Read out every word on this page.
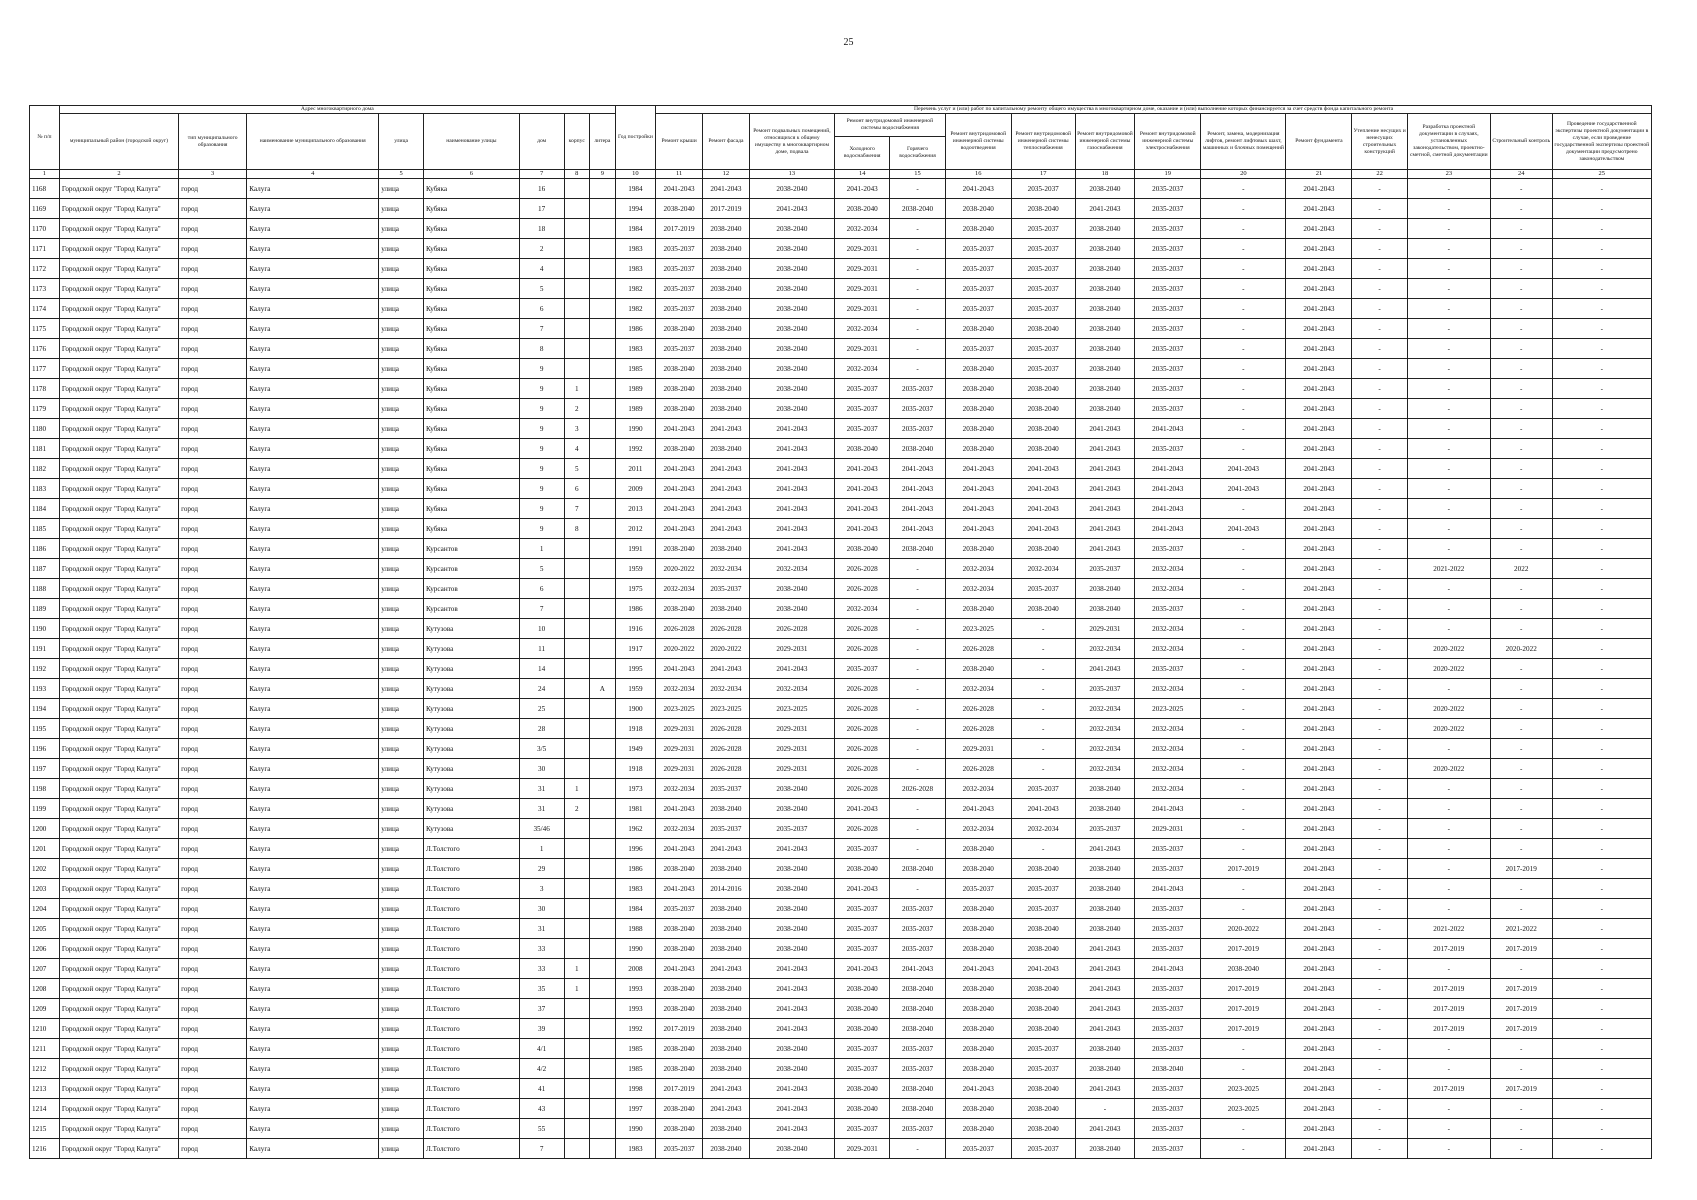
25
№ п/п	Адрес многоквартирного дома								Год постройки	Перечень услуг и (или) работ по капитальному ремонту общего имущества в многоквартирном доме, оказание и (или) выполнение которых финансируется за счет средств фонда капитального ремонта														
	муниципальный район (городской округ)	тип муниципального образования	наименование муниципального образования	улица	наименование улицы	дом	корпус	литера		Ремонт крыши	Ремонт фасада	Ремонт подвальных помещений, относящихся к общему имуществу в многоквартирном доме, подвала	Ремонт внутридомовой инженерной системы водоснабжения		Ремонт внутридомовой инженерной системы водоотведения	Ремонт внутридомовой инженерной системы теплоснабжения	Ремонт внутридомовой инженерной системы газоснабжения	Ремонт внутридомовой инженерной системы электроснабжения	Ремонт, замена, модернизация лифтов, ремонт лифтовых шахт, машинных и блочных помещений	Ремонт фундамента	Утепление несущих и ненесущих строительных конструкций	Разработка проектной документации в случаях, установленных законодательством, проектно-сметной, сметной документации	Строительный контроль	Проведение государственной экспертизы проектной документации в случае, если проведение государственной экспертизы проектной документации предусмотрено законодательством
													Холодного водоснабжения	Горячего водоснабжения										
1	2	3	4	5	6	7	8	9	10	11	12	13	14	15	16	17	18	19	20	21	22	23	24	25
1168	Городской округ "Город Калуга"	город	Калуга	улица	Кубяка	16			1984	2041-2043	2041-2043	2038-2040	2041-2043	-	2041-2043	2035-2037	2038-2040	2035-2037	-	2041-2043	-	-	-	-
1169	Городской округ "Город Калуга"	город	Калуга	улица	Кубяка	17			1994	2038-2040	2017-2019	2041-2043	2038-2040	2038-2040	2038-2040	2038-2040	2041-2043	2035-2037	-	2041-2043	-	-	-	-
1170	Городской округ "Город Калуга"	город	Калуга	улица	Кубяка	18			1984	2017-2019	2038-2040	2038-2040	2032-2034	-	2038-2040	2035-2037	2038-2040	2035-2037	-	2041-2043	-	-	-	-
1171	Городской округ "Город Калуга"	город	Калуга	улица	Кубяка	2			1983	2035-2037	2038-2040	2038-2040	2029-2031	-	2035-2037	2035-2037	2038-2040	2035-2037	-	2041-2043	-	-	-	-
1172	Городской округ "Город Калуга"	город	Калуга	улица	Кубяка	4			1983	2035-2037	2038-2040	2038-2040	2029-2031	-	2035-2037	2035-2037	2038-2040	2035-2037	-	2041-2043	-	-	-	-
1173	Городской округ "Город Калуга"	город	Калуга	улица	Кубяка	5			1982	2035-2037	2038-2040	2038-2040	2029-2031	-	2035-2037	2035-2037	2038-2040	2035-2037	-	2041-2043	-	-	-	-
1174	Городской округ "Город Калуга"	город	Калуга	улица	Кубяка	6			1982	2035-2037	2038-2040	2038-2040	2029-2031	-	2035-2037	2035-2037	2038-2040	2035-2037	-	2041-2043	-	-	-	-
1175	Городской округ "Город Калуга"	город	Калуга	улица	Кубяка	7			1986	2038-2040	2038-2040	2038-2040	2032-2034	-	2038-2040	2038-2040	2038-2040	2035-2037	-	2041-2043	-	-	-	-
1176	Городской округ "Город Калуга"	город	Калуга	улица	Кубяка	8			1983	2035-2037	2038-2040	2038-2040	2029-2031	-	2035-2037	2035-2037	2038-2040	2035-2037	-	2041-2043	-	-	-	-
1177	Городской округ "Город Калуга"	город	Калуга	улица	Кубяка	9			1985	2038-2040	2038-2040	2038-2040	2032-2034	-	2038-2040	2035-2037	2038-2040	2035-2037	-	2041-2043	-	-	-	-
1178	Городской округ "Город Калуга"	город	Калуга	улица	Кубяка	9	1		1989	2038-2040	2038-2040	2038-2040	2035-2037	2035-2037	2038-2040	2038-2040	2038-2040	2035-2037	-	2041-2043	-	-	-	-
1179	Городской округ "Город Калуга"	город	Калуга	улица	Кубяка	9	2		1989	2038-2040	2038-2040	2038-2040	2035-2037	2035-2037	2038-2040	2038-2040	2038-2040	2035-2037	-	2041-2043	-	-	-	-
1180	Городской округ "Город Калуга"	город	Калуга	улица	Кубяка	9	3		1990	2041-2043	2041-2043	2041-2043	2035-2037	2035-2037	2038-2040	2038-2040	2041-2043	2041-2043	-	2041-2043	-	-	-	-
1181	Городской округ "Город Калуга"	город	Калуга	улица	Кубяка	9	4		1992	2038-2040	2038-2040	2041-2043	2038-2040	2038-2040	2038-2040	2038-2040	2041-2043	2035-2037	-	2041-2043	-	-	-	-
1182	Городской округ "Город Калуга"	город	Калуга	улица	Кубяка	9	5		2011	2041-2043	2041-2043	2041-2043	2041-2043	2041-2043	2041-2043	2041-2043	2041-2043	2041-2043	2041-2043	2041-2043	-	-	-	-
1183	Городской округ "Город Калуга"	город	Калуга	улица	Кубяка	9	6		2009	2041-2043	2041-2043	2041-2043	2041-2043	2041-2043	2041-2043	2041-2043	2041-2043	2041-2043	2041-2043	2041-2043	-	-	-	-
1184	Городской округ "Город Калуга"	город	Калуга	улица	Кубяка	9	7		2013	2041-2043	2041-2043	2041-2043	2041-2043	2041-2043	2041-2043	2041-2043	2041-2043	2041-2043	-	2041-2043	-	-	-	-
1185	Городской округ "Город Калуга"	город	Калуга	улица	Кубяка	9	8		2012	2041-2043	2041-2043	2041-2043	2041-2043	2041-2043	2041-2043	2041-2043	2041-2043	2041-2043	2041-2043	2041-2043	-	-	-	-
1186	Городской округ "Город Калуга"	город	Калуга	улица	Курсантов	1			1991	2038-2040	2038-2040	2041-2043	2038-2040	2038-2040	2038-2040	2038-2040	2041-2043	2035-2037	-	2041-2043	-	-	-	-
1187	Городской округ "Город Калуга"	город	Калуга	улица	Курсантов	5			1959	2020-2022	2032-2034	2032-2034	2026-2028	-	2032-2034	2032-2034	2035-2037	2032-2034	-	2041-2043	-	2021-2022	2022	-
1188	Городской округ "Город Калуга"	город	Калуга	улица	Курсантов	6			1975	2032-2034	2035-2037	2038-2040	2026-2028	-	2032-2034	2035-2037	2038-2040	2032-2034	-	2041-2043	-	-	-	-
1189	Городской округ "Город Калуга"	город	Калуга	улица	Курсантов	7			1986	2038-2040	2038-2040	2038-2040	2032-2034	-	2038-2040	2038-2040	2038-2040	2035-2037	-	2041-2043	-	-	-	-
1190	Городской округ "Город Калуга"	город	Калуга	улица	Кутузова	10			1916	2026-2028	2026-2028	2026-2028	2026-2028	-	2023-2025	-	2029-2031	2032-2034	-	2041-2043	-	-	-	-
1191	Городской округ "Город Калуга"	город	Калуга	улица	Кутузова	11			1917	2020-2022	2020-2022	2029-2031	2026-2028	-	2026-2028	-	2032-2034	2032-2034	-	2041-2043	-	2020-2022	2020-2022	-
1192	Городской округ "Город Калуга"	город	Калуга	улица	Кутузова	14			1995	2041-2043	2041-2043	2041-2043	2035-2037	-	2038-2040	-	2041-2043	2035-2037	-	2041-2043	-	2020-2022	-	-
1193	Городской округ "Город Калуга"	город	Калуга	улица	Кутузова	24		А	1959	2032-2034	2032-2034	2032-2034	2026-2028	-	2032-2034	-	2035-2037	2032-2034	-	2041-2043	-	-	-	-
1194	Городской округ "Город Калуга"	город	Калуга	улица	Кутузова	25			1900	2023-2025	2023-2025	2023-2025	2026-2028	-	2026-2028	-	2032-2034	2023-2025	-	2041-2043	-	2020-2022	-	-
1195	Городской округ "Город Калуга"	город	Калуга	улица	Кутузова	28			1918	2029-2031	2026-2028	2029-2031	2026-2028	-	2026-2028	-	2032-2034	2032-2034	-	2041-2043	-	2020-2022	-	-
1196	Городской округ "Город Калуга"	город	Калуга	улица	Кутузова	3/5			1949	2029-2031	2026-2028	2029-2031	2026-2028	-	2029-2031	-	2032-2034	2032-2034	-	2041-2043	-	-	-	-
1197	Городской округ "Город Калуга"	город	Калуга	улица	Кутузова	30			1918	2029-2031	2026-2028	2029-2031	2026-2028	-	2026-2028	-	2032-2034	2032-2034	-	2041-2043	-	2020-2022	-	-
1198	Городской округ "Город Калуга"	город	Калуга	улица	Кутузова	31	1		1973	2032-2034	2035-2037	2038-2040	2026-2028	2026-2028	2032-2034	2035-2037	2038-2040	2032-2034	-	2041-2043	-	-	-	-
1199	Городской округ "Город Калуга"	город	Калуга	улица	Кутузова	31	2		1981	2041-2043	2038-2040	2038-2040	2041-2043	-	2041-2043	2041-2043	2038-2040	2041-2043	-	2041-2043	-	-	-	-
1200	Городской округ "Город Калуга"	город	Калуга	улица	Кутузова	35/46			1962	2032-2034	2035-2037	2035-2037	2026-2028	-	2032-2034	2032-2034	2035-2037	2029-2031	-	2041-2043	-	-	-	-
1201	Городской округ "Город Калуга"	город	Калуга	улица	Л.Толстого	1			1996	2041-2043	2041-2043	2041-2043	2035-2037	-	2038-2040	-	2041-2043	2035-2037	-	2041-2043	-	-	-	-
1202	Городской округ "Город Калуга"	город	Калуга	улица	Л.Толстого	29			1986	2038-2040	2038-2040	2038-2040	2038-2040	2038-2040	2038-2040	2038-2040	2038-2040	2035-2037	2017-2019	2041-2043	-	-	2017-2019	-
1203	Городской округ "Город Калуга"	город	Калуга	улица	Л.Толстого	3			1983	2041-2043	2014-2016	2038-2040	2041-2043	-	2035-2037	2035-2037	2038-2040	2041-2043	-	2041-2043	-	-	-	-
1204	Городской округ "Город Калуга"	город	Калуга	улица	Л.Толстого	30			1984	2035-2037	2038-2040	2038-2040	2035-2037	2035-2037	2038-2040	2035-2037	2038-2040	2035-2037	-	2041-2043	-	-	-	-
1205	Городской округ "Город Калуга"	город	Калуга	улица	Л.Толстого	31			1988	2038-2040	2038-2040	2038-2040	2035-2037	2035-2037	2038-2040	2038-2040	2038-2040	2035-2037	2020-2022	2041-2043	-	2021-2022	2021-2022	-
1206	Городской округ "Город Калуга"	город	Калуга	улица	Л.Толстого	33			1990	2038-2040	2038-2040	2038-2040	2035-2037	2035-2037	2038-2040	2038-2040	2041-2043	2035-2037	2017-2019	2041-2043	-	2017-2019	2017-2019	-
1207	Городской округ "Город Калуга"	город	Калуга	улица	Л.Толстого	33	1		2008	2041-2043	2041-2043	2041-2043	2041-2043	2041-2043	2041-2043	2041-2043	2041-2043	2041-2043	2038-2040	2041-2043	-	-	-	-
1208	Городской округ "Город Калуга"	город	Калуга	улица	Л.Толстого	35	1		1993	2038-2040	2038-2040	2041-2043	2038-2040	2038-2040	2038-2040	2038-2040	2041-2043	2035-2037	2017-2019	2041-2043	-	2017-2019	2017-2019	-
1209	Городской округ "Город Калуга"	город	Калуга	улица	Л.Толстого	37			1993	2038-2040	2038-2040	2041-2043	2038-2040	2038-2040	2038-2040	2038-2040	2041-2043	2035-2037	2017-2019	2041-2043	-	2017-2019	2017-2019	-
1210	Городской округ "Город Калуга"	город	Калуга	улица	Л.Толстого	39			1992	2017-2019	2038-2040	2041-2043	2038-2040	2038-2040	2038-2040	2038-2040	2041-2043	2035-2037	2017-2019	2041-2043	-	2017-2019	2017-2019	-
1211	Городской округ "Город Калуга"	город	Калуга	улица	Л.Толстого	4/1			1985	2038-2040	2038-2040	2038-2040	2035-2037	2035-2037	2038-2040	2035-2037	2038-2040	2035-2037	-	2041-2043	-	-	-	-
1212	Городской округ "Город Калуга"	город	Калуга	улица	Л.Толстого	4/2			1985	2038-2040	2038-2040	2038-2040	2035-2037	2035-2037	2038-2040	2035-2037	2038-2040	2038-2040	-	2041-2043	-	-	-	-
1213	Городской округ "Город Калуга"	город	Калуга	улица	Л.Толстого	41			1998	2017-2019	2041-2043	2041-2043	2038-2040	2038-2040	2041-2043	2038-2040	2041-2043	2035-2037	2023-2025	2041-2043	-	2017-2019	2017-2019	-
1214	Городской округ "Город Калуга"	город	Калуга	улица	Л.Толстого	43			1997	2038-2040	2041-2043	2041-2043	2038-2040	2038-2040	2038-2040	2038-2040	-	2035-2037	2023-2025	2041-2043	-	-	-	-
1215	Городской округ "Город Калуга"	город	Калуга	улица	Л.Толстого	55			1990	2038-2040	2038-2040	2041-2043	2035-2037	2035-2037	2038-2040	2038-2040	2041-2043	2035-2037	-	2041-2043	-	-	-	-
1216	Городской округ "Город Калуга"	город	Калуга	улица	Л.Толстого	7			1983	2035-2037	2038-2040	2038-2040	2029-2031	-	2035-2037	2035-2037	2038-2040	2035-2037	-	2041-2043	-	-	-	-
